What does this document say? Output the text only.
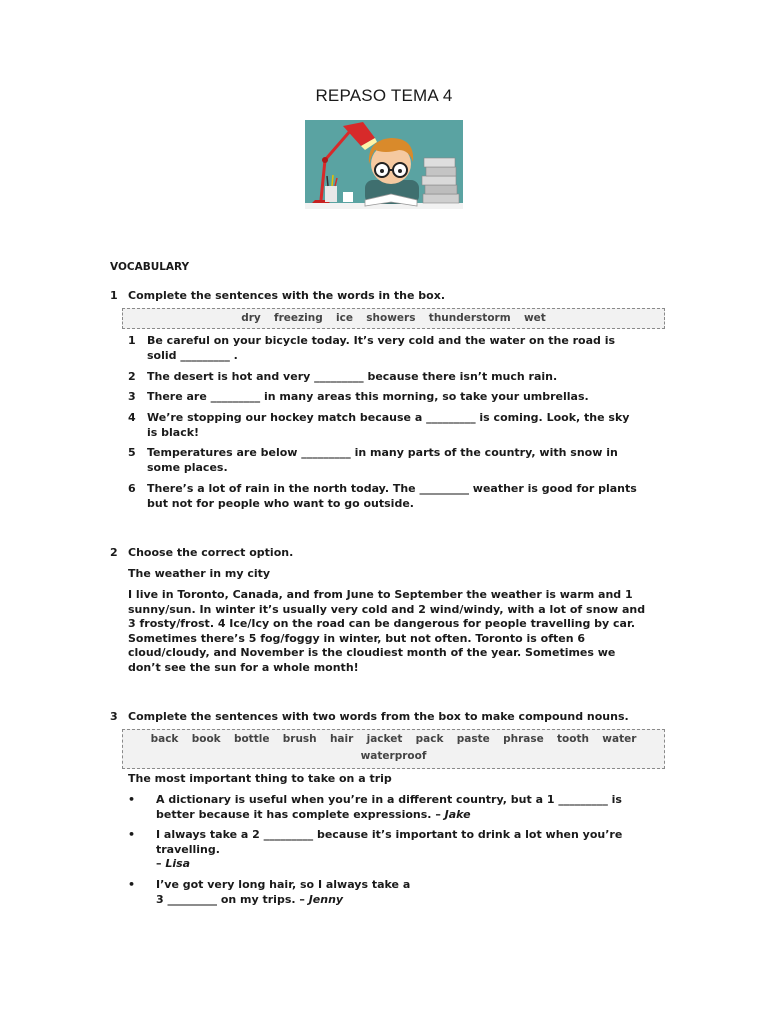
REPASO TEMA 4
VOCABULARY
1 Complete the sentences with the words in the box.
dry  freezing  ice  showers  thunderstorm  wet
1 Be careful on your bicycle today. It’s very cold and the water on the road is
solid _________ .
2 The desert is hot and very _________ because there isn’t much rain.
3 There are _________ in many areas this morning, so take your umbrellas.
4 We’re stopping our hockey match because a _________ is coming. Look, the sky
is black!
5 Temperatures are below _________ in many parts of the country, with snow in
some places.
6 There’s a lot of rain in the north today. The _________ weather is good for plants
but not for people who want to go outside.
2 Choose the correct option.
The weather in my city
I live in Toronto, Canada, and from June to September the weather is warm and 1
sunny/sun. In winter it’s usually very cold and 2 wind/windy, with a lot of snow and
3 frosty/frost. 4 Ice/Icy on the road can be dangerous for people travelling by car.
Sometimes there’s 5 fog/foggy in winter, but not often. Toronto is often 6
cloud/cloudy, and November is the cloudiest month of the year. Sometimes we
don’t see the sun for a whole month!
3 Complete the sentences with two words from the box to make compound nouns.
back  book  bottle  brush  hair  jacket  pack  paste  phrase  tooth  water
waterproof
The most important thing to take on a trip
• A dictionary is useful when you’re in a different country, but a 1 _________ is
better because it has complete expressions. – Jake
• I always take a 2 _________ because it’s important to drink a lot when you’re
travelling.
– Lisa
• I’ve got very long hair, so I always take a
3 _________ on my trips. – Jenny
